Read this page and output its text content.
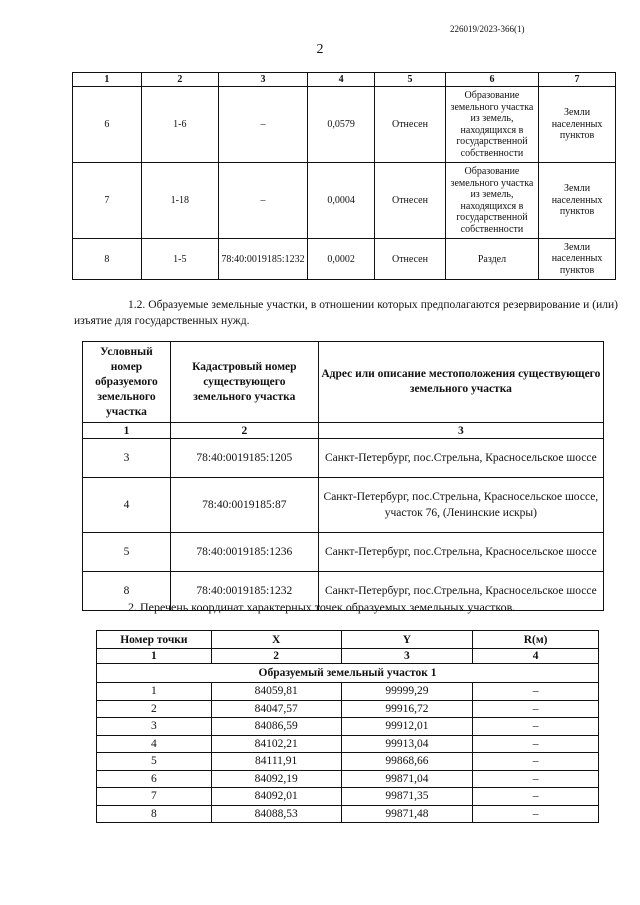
226019/2023-366(1)
2
1	2	3	4	5	6	7
6	1-6	–	0,0579	Отнесен	Образование земельного участка из земель, находящихся в государственной собственности	Земли населенных пунктов
7	1-18	–	0,0004	Отнесен	Образование земельного участка из земель, находящихся в государственной собственности	Земли населенных пунктов
8	1-5	78:40:0019185:1232	0,0002	Отнесен	Раздел	Земли населенных пунктов
1.2. Образуемые земельные участки, в отношении которых предполагаются резервирование и (или) изъятие для государственных нужд.
Условный номер образуемого земельного участка	Кадастровый номер существующего земельного участка	Адрес или описание местоположения существующего земельного участка
1	2	3
3	78:40:0019185:1205	Санкт-Петербург, пос.Стрельна, Красносельское шоссе
4	78:40:0019185:87	Санкт-Петербург, пос.Стрельна, Красносельское шоссе, участок 76, (Ленинские искры)
5	78:40:0019185:1236	Санкт-Петербург, пос.Стрельна, Красносельское шоссе
8	78:40:0019185:1232	Санкт-Петербург, пос.Стрельна, Красносельское шоссе
2. Перечень координат характерных точек образуемых земельных участков.
Номер точки	X	Y	R(м)
1	2	3	4
Образуемый земельный участок 1			
1	84059,81	99999,29	–
2	84047,57	99916,72	–
3	84086,59	99912,01	–
4	84102,21	99913,04	–
5	84111,91	99868,66	–
6	84092,19	99871,04	–
7	84092,01	99871,35	–
8	84088,53	99871,48	–
